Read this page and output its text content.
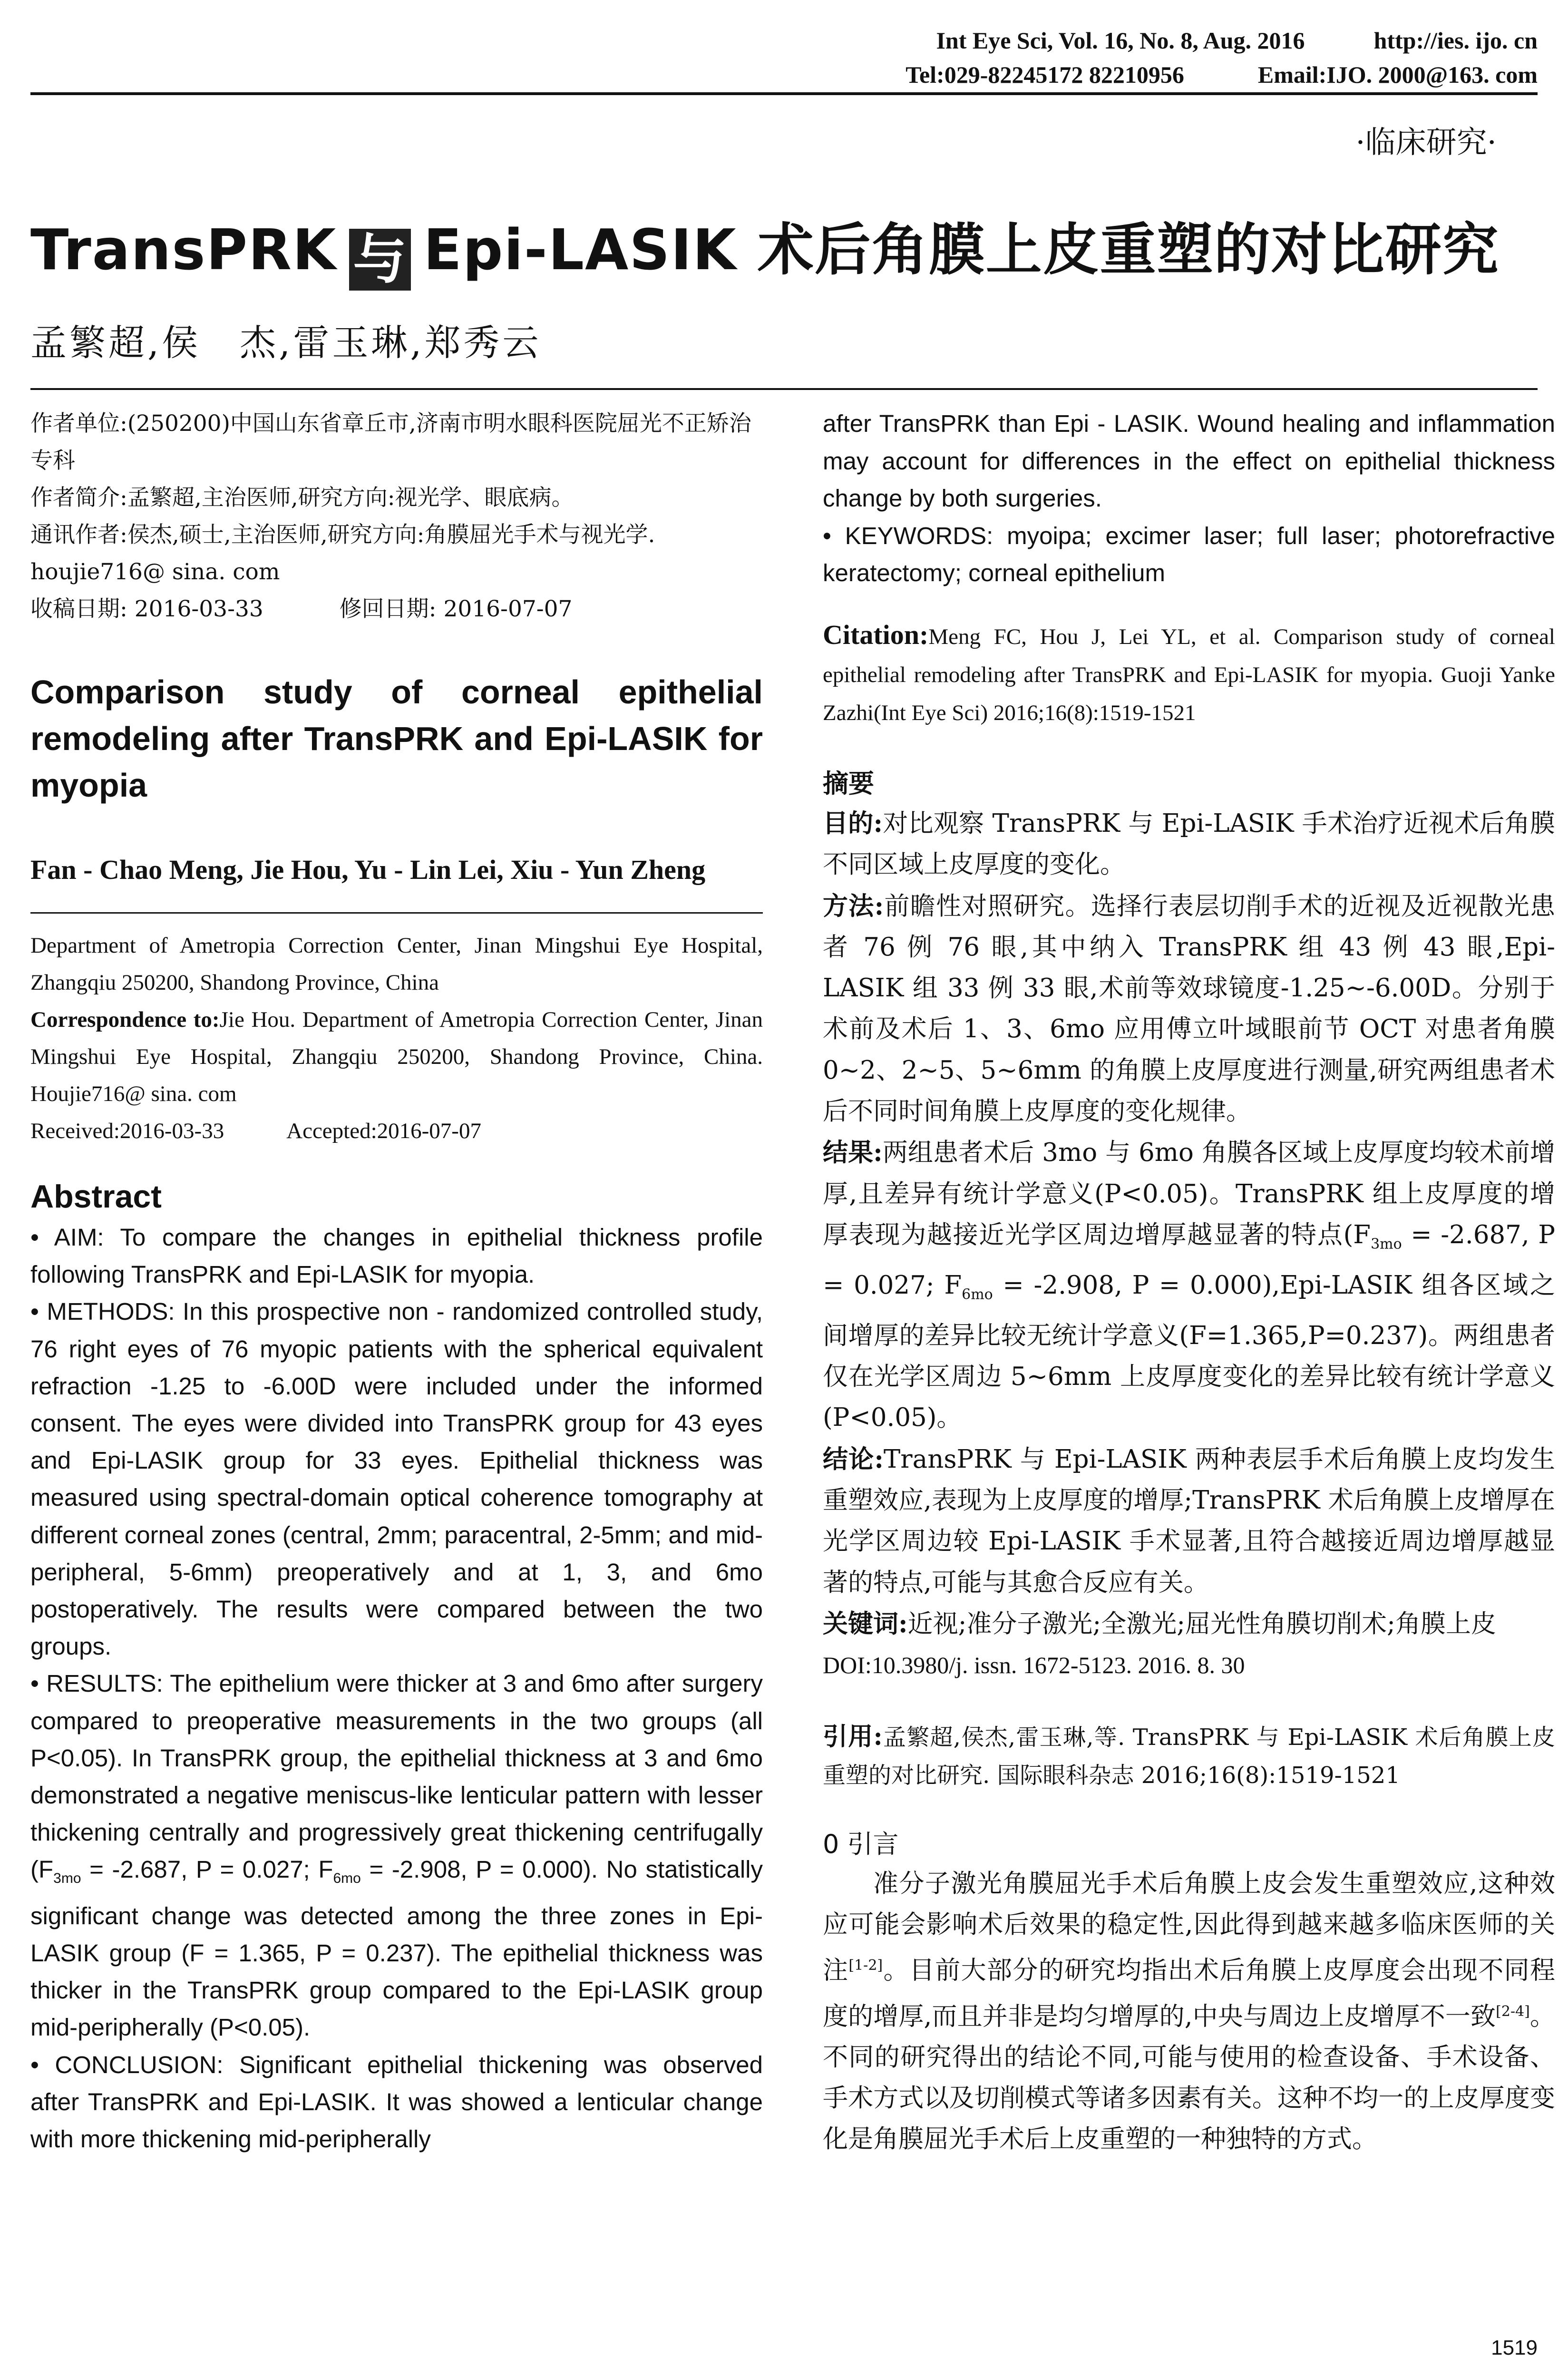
Int Eye Sci, Vol. 16, No. 8, Aug. 2016	http://ies. ijo. cn
Tel:029-82245172 82210956	Email:IJO. 2000@163. com
·临床研究·
TransPRK 与 Epi-LASIK 术后角膜上皮重塑的对比研究
孟繁超,侯　杰,雷玉琳,郑秀云
作者单位:(250200)中国山东省章丘市,济南市明水眼科医院屈光不正矫治专科
作者简介:孟繁超,主治医师,研究方向:视光学、眼底病。
通讯作者:侯杰,硕士,主治医师,研究方向:角膜屈光手术与视光学. houjie716@ sina. com
收稿日期: 2016-03-33	修回日期: 2016-07-07
Comparison study of corneal epithelial remodeling after TransPRK and Epi-LASIK for myopia
Fan - Chao Meng, Jie Hou, Yu - Lin Lei, Xiu - Yun Zheng
Department of Ametropia Correction Center, Jinan Mingshui Eye Hospital, Zhangqiu 250200, Shandong Province, China
Correspondence to:Jie Hou. Department of Ametropia Correction Center, Jinan Mingshui Eye Hospital, Zhangqiu 250200, Shandong Province, China. Houjie716@ sina. com
Received:2016-03-33	Accepted:2016-07-07
Abstract

• AIM: To compare the changes in epithelial thickness profile following TransPRK and Epi-LASIK for myopia.

• METHODS: In this prospective non - randomized controlled study, 76 right eyes of 76 myopic patients with the spherical equivalent refraction -1.25 to -6.00D were included under the informed consent. The eyes were divided into TransPRK group for 43 eyes and Epi-LASIK group for 33 eyes. Epithelial thickness was measured using spectral-domain optical coherence tomography at different corneal zones (central, 2mm; paracentral, 2-5mm; and mid-peripheral, 5-6mm) preoperatively and at 1, 3, and 6mo postoperatively. The results were compared between the two groups.

• RESULTS: The epithelium were thicker at 3 and 6mo after surgery compared to preoperative measurements in the two groups (all P<0.05). In TransPRK group, the epithelial thickness at 3 and 6mo demonstrated a negative meniscus-like lenticular pattern with lesser thickening centrally and progressively great thickening centrifugally ($F_{3mo} = -2.687$, P = 0.027; $F_{6mo} = -2.908$, P = 0.000). No statistically significant change was detected among the three zones in Epi-LASIK group (F = 1.365, P = 0.237). The epithelial thickness was thicker in the TransPRK group compared to the Epi-LASIK group mid-peripherally (P<0.05).

• CONCLUSION: Significant epithelial thickening was observed after TransPRK and Epi-LASIK. It was showed a lenticular change with more thickening mid-peripherally

after TransPRK than Epi - LASIK. Wound healing and inflammation may account for differences in the effect on epithelial thickness change by both surgeries.
• KEYWORDS: myoipa; excimer laser; full laser; photorefractive keratectomy; corneal epithelium
Citation:Meng FC, Hou J, Lei YL, et al. Comparison study of corneal epithelial remodeling after TransPRK and Epi-LASIK for myopia. Guoji Yanke Zazhi(Int Eye Sci) 2016;16(8):1519-1521
摘要

目的:对比观察 TransPRK 与 Epi-LASIK 手术治疗近视术后角膜不同区域上皮厚度的变化。

方法:前瞻性对照研究。选择行表层切削手术的近视及近视散光患者 76 例 76 眼,其中纳入 TransPRK 组 43 例 43 眼,Epi-LASIK 组 33 例 33 眼,术前等效球镜度-1.25~-6.00D。分别于术前及术后 1、3、6mo 应用傅立叶域眼前节 OCT 对患者角膜 0~2、2~5、5~6mm 的角膜上皮厚度进行测量,研究两组患者术后不同时间角膜上皮厚度的变化规律。

结果:两组患者术后 3mo 与 6mo 角膜各区域上皮厚度均较术前增厚,且差异有统计学意义(P<0.05)。TransPRK 组上皮厚度的增厚表现为越接近光学区周边增厚越显著的特点($F_{3mo} = -2.687$, P = 0.027; $F_{6mo} = -2.908$, P = 0.000),Epi-LASIK 组各区域之间增厚的差异比较无统计学意义(F=1.365,P=0.237)。两组患者仅在光学区周边 5~6mm 上皮厚度变化的差异比较有统计学意义(P<0.05)。

结论:TransPRK 与 Epi-LASIK 两种表层手术后角膜上皮均发生重塑效应,表现为上皮厚度的增厚;TransPRK 术后角膜上皮增厚在光学区周边较 Epi-LASIK 手术显著,且符合越接近周边增厚越显著的特点,可能与其愈合反应有关。

关键词:近视;准分子激光;全激光;屈光性角膜切削术;角膜上皮

DOI:10.3980/j. issn. 1672-5123. 2016. 8. 30
引用:孟繁超,侯杰,雷玉琳,等. TransPRK 与 Epi-LASIK 术后角膜上皮重塑的对比研究. 国际眼科杂志 2016;16(8):1519-1521
0 引言
准分子激光角膜屈光手术后角膜上皮会发生重塑效应,这种效应可能会影响术后效果的稳定性,因此得到越来越多临床医师的关注[1-2]。目前大部分的研究均指出术后角膜上皮厚度会出现不同程度的增厚,而且并非是均匀增厚的,中央与周边上皮增厚不一致[2-4]。不同的研究得出的结论不同,可能与使用的检查设备、手术设备、手术方式以及切削模式等诸多因素有关。这种不均一的上皮厚度变化是角膜屈光手术后上皮重塑的一种独特的方式。
1519
